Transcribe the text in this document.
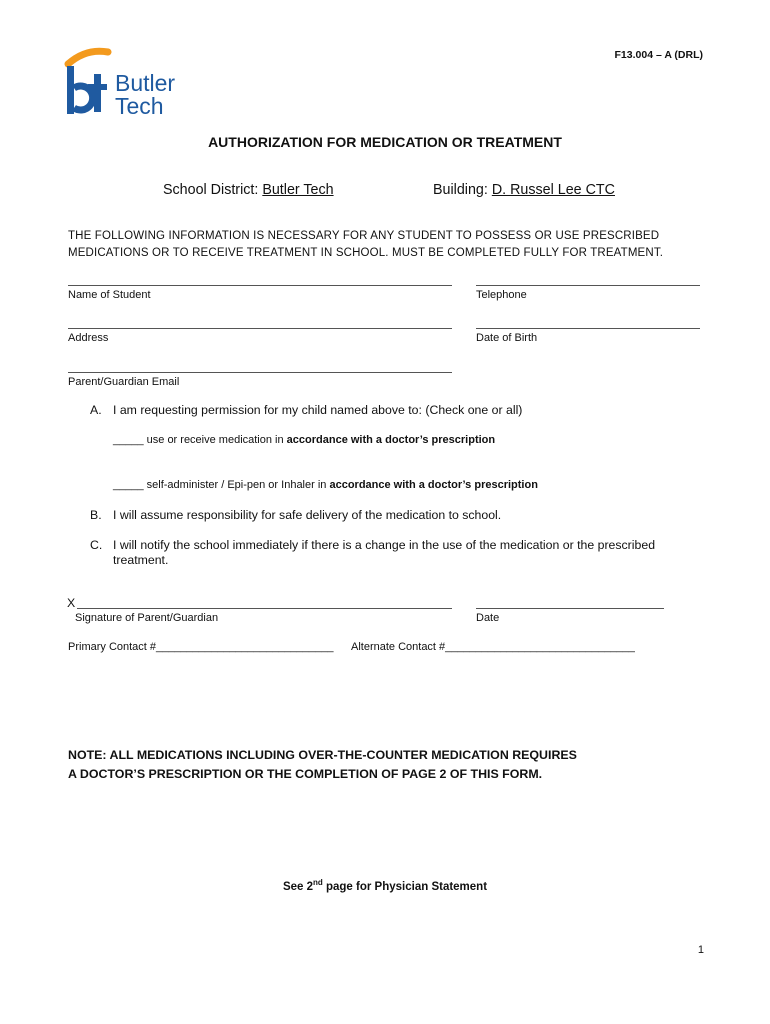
F13.004 – A (DRL)
Butler
Tech
AUTHORIZATION FOR MEDICATION OR TREATMENT
School District: Butler Tech	Building: D. Russel Lee CTC
THE FOLLOWING INFORMATION IS NECESSARY FOR ANY STUDENT TO POSSESS OR USE PRESCRIBED MEDICATIONS OR TO RECEIVE TREATMENT IN SCHOOL. MUST BE COMPLETED FULLY FOR TREATMENT.
Name of Student	Telephone
Address	Date of Birth
Parent/Guardian Email
A. I am requesting permission for my child named above to: (Check one or all)
_____ use or receive medication in accordance with a doctor’s prescription
_____ self-administer / Epi-pen or Inhaler in accordance with a doctor’s prescription
B. I will assume responsibility for safe delivery of the medication to school.
C. I will notify the school immediately if there is a change in the use of the medication or the prescribed
treatment.
X
Signature of Parent/Guardian	Date
Primary Contact #_____________________________ Alternate Contact #_______________________________
NOTE: ALL MEDICATIONS INCLUDING OVER-THE-COUNTER MEDICATION REQUIRES
A DOCTOR’S PRESCRIPTION OR THE COMPLETION OF PAGE 2 OF THIS FORM.
See 2nd page for Physician Statement
1
